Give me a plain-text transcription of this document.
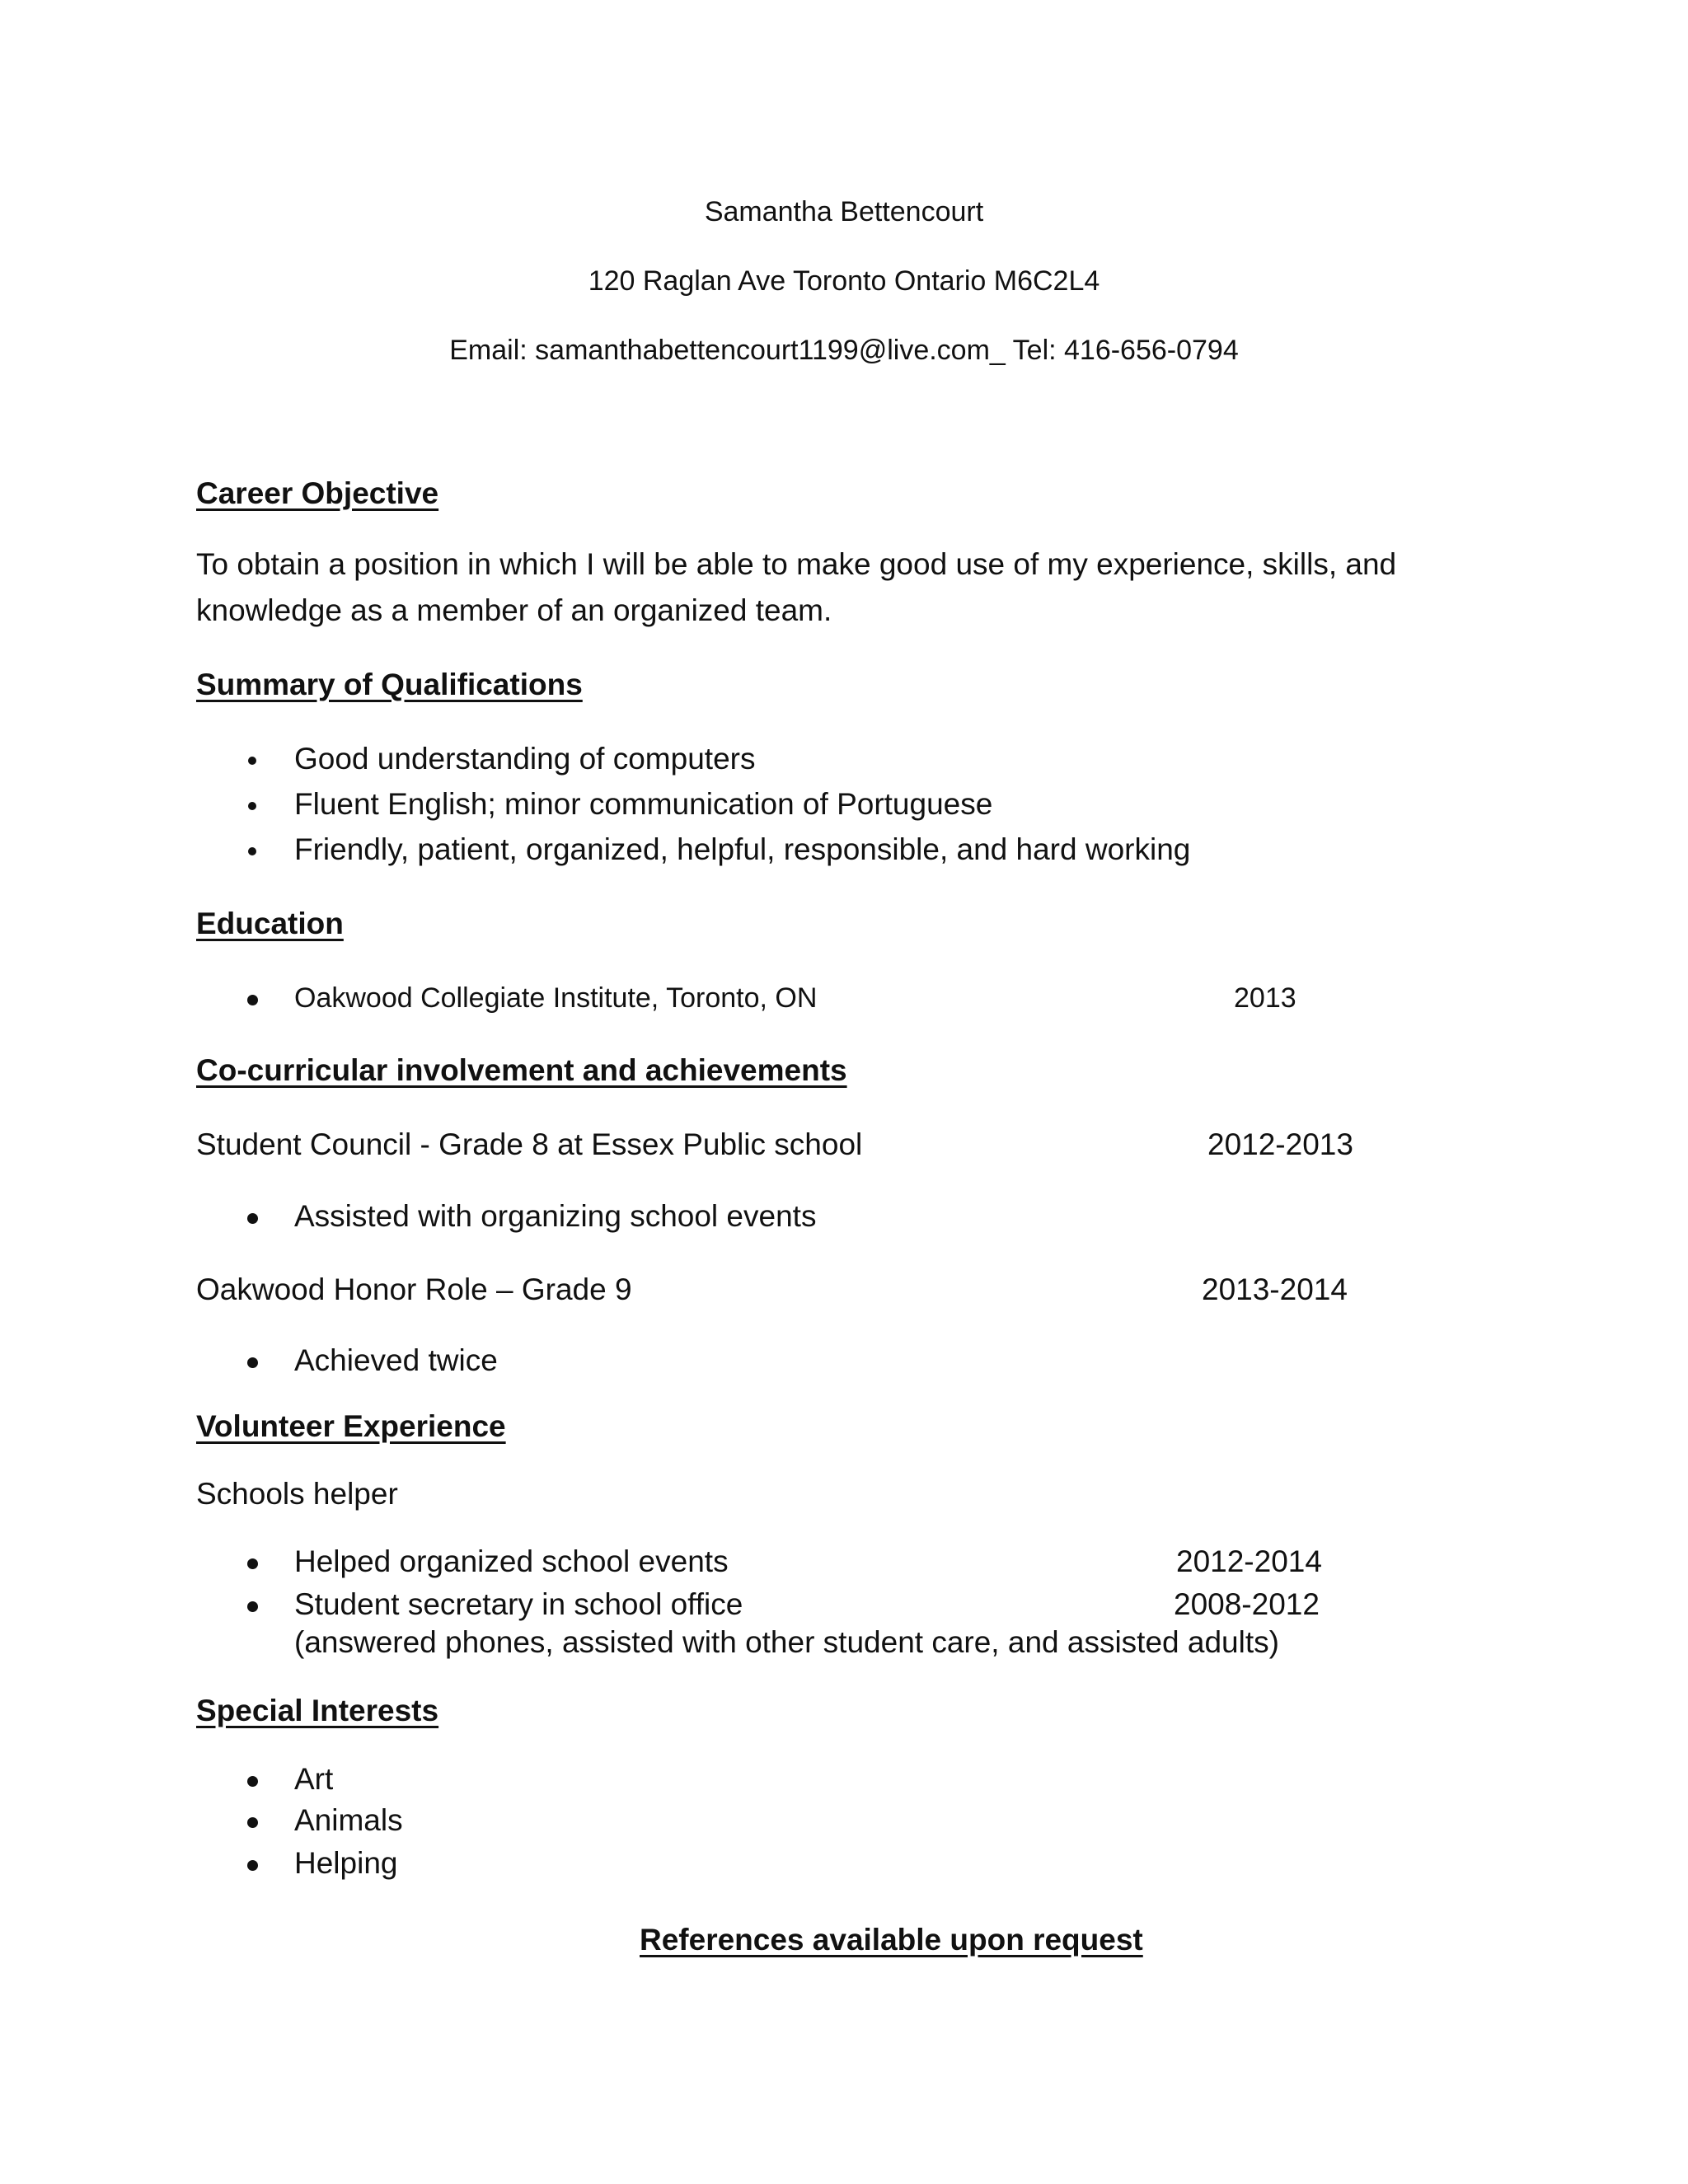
Samantha Bettencourt
120 Raglan Ave Toronto Ontario M6C2L4
Email: samanthabettencourt1199@live.com_ Tel: 416-656-0794
Career Objective
To obtain a position in which I will be able to make good use of my experience, skills, and
knowledge as a member of an organized team.
Summary of Qualifications
Good understanding of computers
Fluent English; minor communication of Portuguese
Friendly, patient, organized, helpful, responsible, and hard working
Education
Oakwood Collegiate Institute, Toronto, ON	2013
Co-curricular involvement and achievements
Student Council - Grade 8 at Essex Public school	2012-2013
Assisted with organizing school events
Oakwood Honor Role – Grade 9	2013-2014
Achieved twice
Volunteer Experience
Schools helper
Helped organized school events	2012-2014
Student secretary in school office	2008-2012
(answered phones, assisted with other student care, and assisted adults)
Special Interests
Art
Animals
Helping
References available upon request
